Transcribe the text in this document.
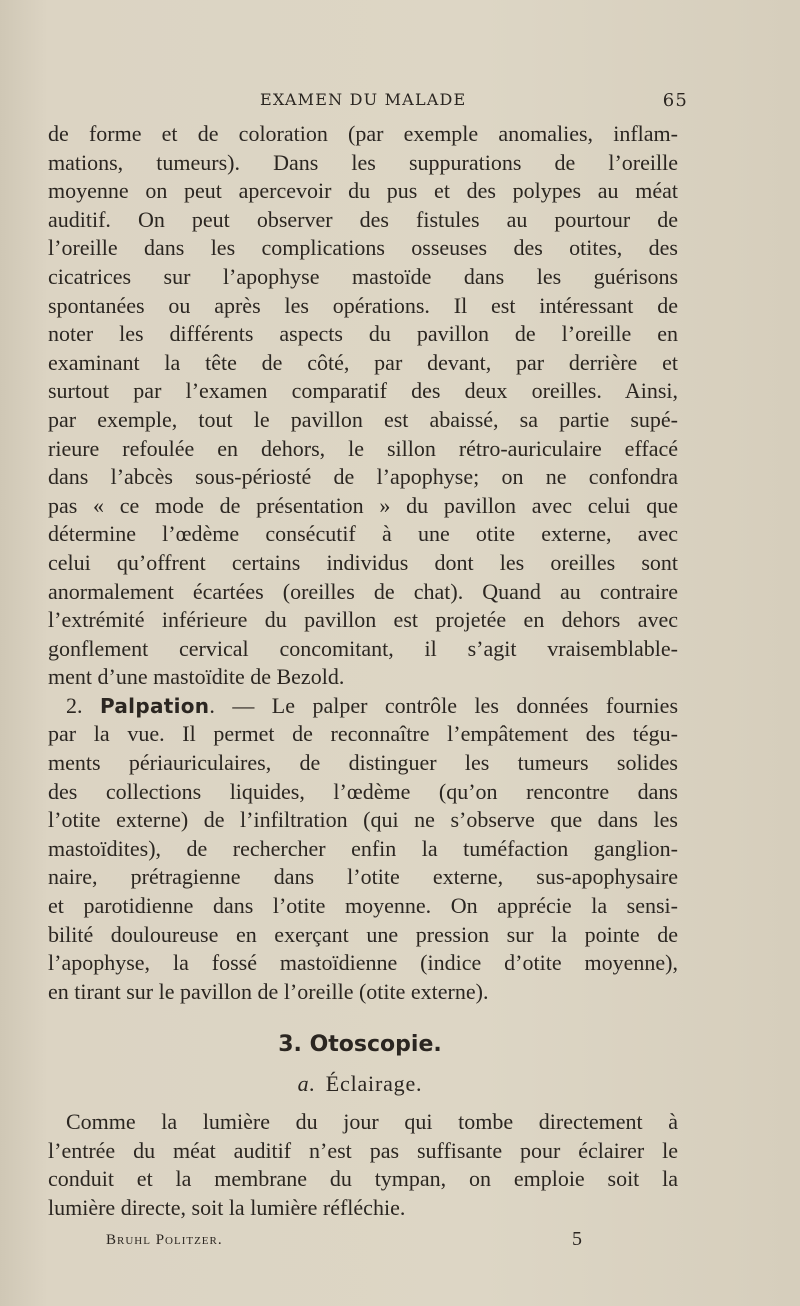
EXAMEN DU MALADE	65
de forme et de coloration (par exemple anomalies, inflam-
mations, tumeurs). Dans les suppurations de l’oreille
moyenne on peut apercevoir du pus et des polypes au méat
auditif. On peut observer des fistules au pourtour de
l’oreille dans les complications osseuses des otites, des
cicatrices sur l’apophyse mastoïde dans les guérisons
spontanées ou après les opérations. Il est intéressant de
noter les différents aspects du pavillon de l’oreille en
examinant la tête de côté, par devant, par derrière et
surtout par l’examen comparatif des deux oreilles. Ainsi,
par exemple, tout le pavillon est abaissé, sa partie supé-
rieure refoulée en dehors, le sillon rétro-auriculaire effacé
dans l’abcès sous-périosté de l’apophyse; on ne confondra
pas « ce mode de présentation » du pavillon avec celui que
détermine l’œdème consécutif à une otite externe, avec
celui qu’offrent certains individus dont les oreilles sont
anormalement écartées (oreilles de chat). Quand au contraire
l’extrémité inférieure du pavillon est projetée en dehors avec
gonflement cervical concomitant, il s’agit vraisemblable-
ment d’une mastoïdite de Bezold.
2. Palpation. — Le palper contrôle les données fournies
par la vue. Il permet de reconnaître l’empâtement des tégu-
ments périauriculaires, de distinguer les tumeurs solides
des collections liquides, l’œdème (qu’on rencontre dans
l’otite externe) de l’infiltration (qui ne s’observe que dans les
mastoïdites), de rechercher enfin la tuméfaction ganglion-
naire, prétragienne dans l’otite externe, sus-apophysaire
et parotidienne dans l’otite moyenne. On apprécie la sensi-
bilité douloureuse en exerçant une pression sur la pointe de
l’apophyse, la fossé mastoïdienne (indice d’otite moyenne),
en tirant sur le pavillon de l’oreille (otite externe).
3. Otoscopie.
a. Éclairage.
Comme la lumière du jour qui tombe directement à
l’entrée du méat auditif n’est pas suffisante pour éclairer le
conduit et la membrane du tympan, on emploie soit la
lumière directe, soit la lumière réfléchie.
Bruhl Politzer.	5
